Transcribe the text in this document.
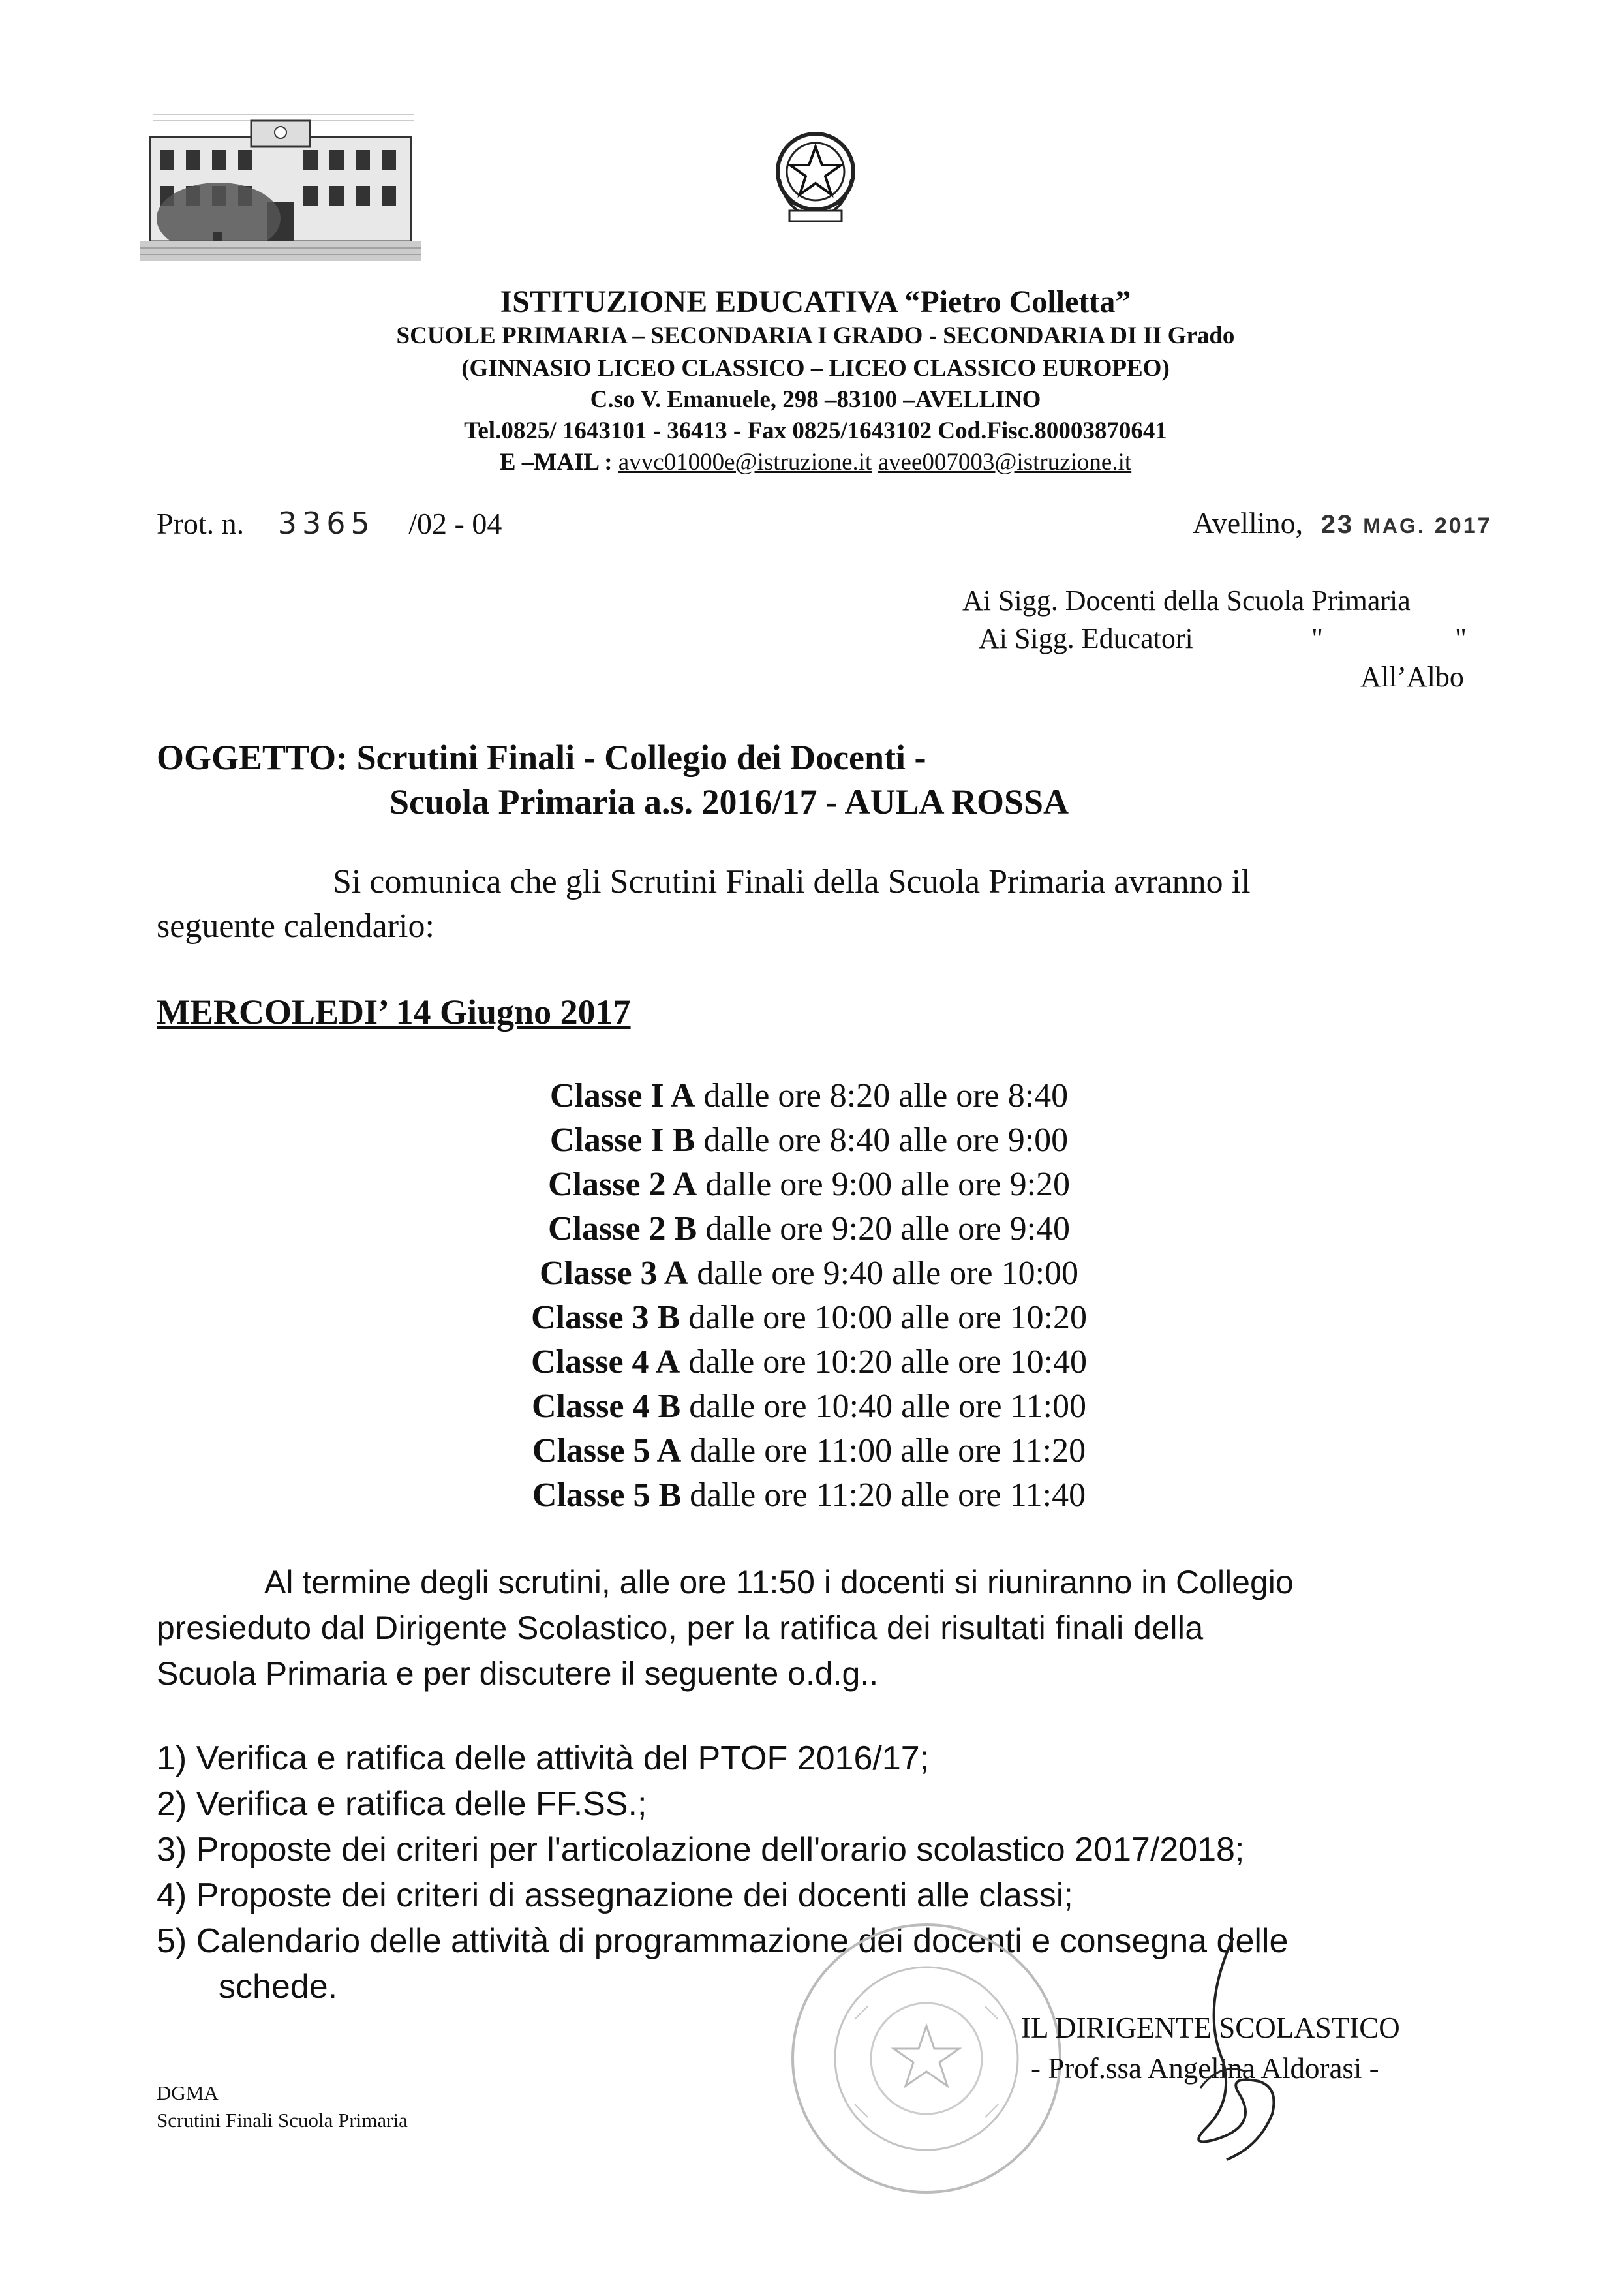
ISTITUZIONE EDUCATIVA “Pietro Colletta”
SCUOLE PRIMARIA – SECONDARIA I GRADO - SECONDARIA DI II Grado
(GINNASIO LICEO CLASSICO – LICEO CLASSICO EUROPEO)
C.so V. Emanuele, 298 –83100 –AVELLINO
Tel.0825/ 1643101 - 36413 - Fax 0825/1643102 Cod.Fisc.80003870641
E –MAIL : avvc01000e@istruzione.it avee007003@istruzione.it
Prot. n. 3365 /02 - 04	Avellino, 23 MAG. 2017
Ai Sigg. Docenti della Scuola Primaria
Ai Sigg. Educatori	"	"
All’Albo
OGGETTO: Scrutini Finali - Collegio dei Docenti -
Scuola Primaria a.s. 2016/17 - AULA ROSSA
Si comunica che gli Scrutini Finali della Scuola Primaria avranno il
seguente calendario:
MERCOLEDI’ 14 Giugno 2017
Classe I A dalle ore 8:20 alle ore 8:40
Classe I B dalle ore 8:40 alle ore 9:00
Classe 2 A dalle ore 9:00 alle ore 9:20
Classe 2 B dalle ore 9:20 alle ore 9:40
Classe 3 A dalle ore 9:40 alle ore 10:00
Classe 3 B dalle ore 10:00 alle ore 10:20
Classe 4 A dalle ore 10:20 alle ore 10:40
Classe 4 B dalle ore 10:40 alle ore 11:00
Classe 5 A dalle ore 11:00 alle ore 11:20
Classe 5 B dalle ore 11:20 alle ore 11:40
Al termine degli scrutini, alle ore 11:50 i docenti si riuniranno in Collegio
presieduto dal Dirigente Scolastico, per la ratifica dei risultati finali della
Scuola Primaria e per discutere il seguente o.d.g..
1) Verifica e ratifica delle attività del PTOF 2016/17;
2) Verifica e ratifica delle FF.SS.;
3) Proposte dei criteri per l'articolazione dell'orario scolastico 2017/2018;
4) Proposte dei criteri di assegnazione dei docenti alle classi;
5) Calendario delle attività di programmazione dei docenti e consegna delle
schede.
IL DIRIGENTE SCOLASTICO
- Prof.ssa Angelina Aldorasi -
DGMA
Scrutini Finali Scuola Primaria
